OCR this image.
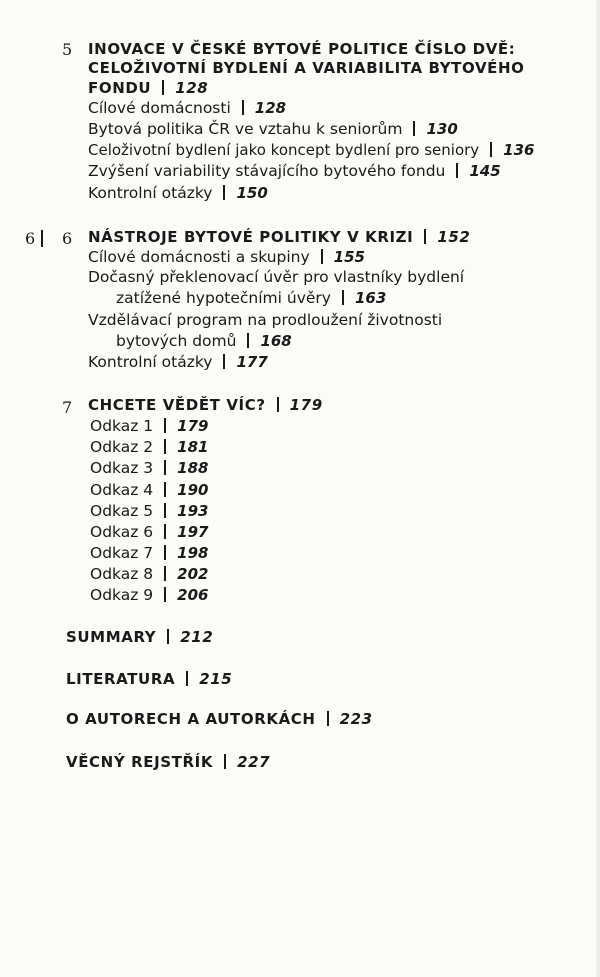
5 INOVACE V ČESKÉ BYTOVÉ POLITICE ČÍSLO DVĚ:
CELOŽIVOTNÍ BYDLENÍ A VARIABILITA BYTOVÉHO
FONDU 128
Cílové domácnosti 128
Bytová politika ČR ve vztahu k seniorům 130
Celoživotní bydlení jako koncept bydlení pro seniory 136
Zvýšení variability stávajícího bytového fondu 145
Kontrolní otázky 150
6 6 NÁSTROJE BYTOVÉ POLITIKY V KRIZI 152
Cílové domácnosti a skupiny 155
Dočasný překlenovací úvěr pro vlastníky bydlení
zatížené hypotečními úvěry 163
Vzdělávací program na prodloužení životnosti
bytových domů 168
Kontrolní otázky 177
7 CHCETE VĚDĚT VÍC? 179
Odkaz 1 179
Odkaz 2 181
Odkaz 3 188
Odkaz 4 190
Odkaz 5 193
Odkaz 6 197
Odkaz 7 198
Odkaz 8 202
Odkaz 9 206
SUMMARY 212
LITERATURA 215
O AUTORECH A AUTORKÁCH 223
VĚCNÝ REJSTŘÍK 227
